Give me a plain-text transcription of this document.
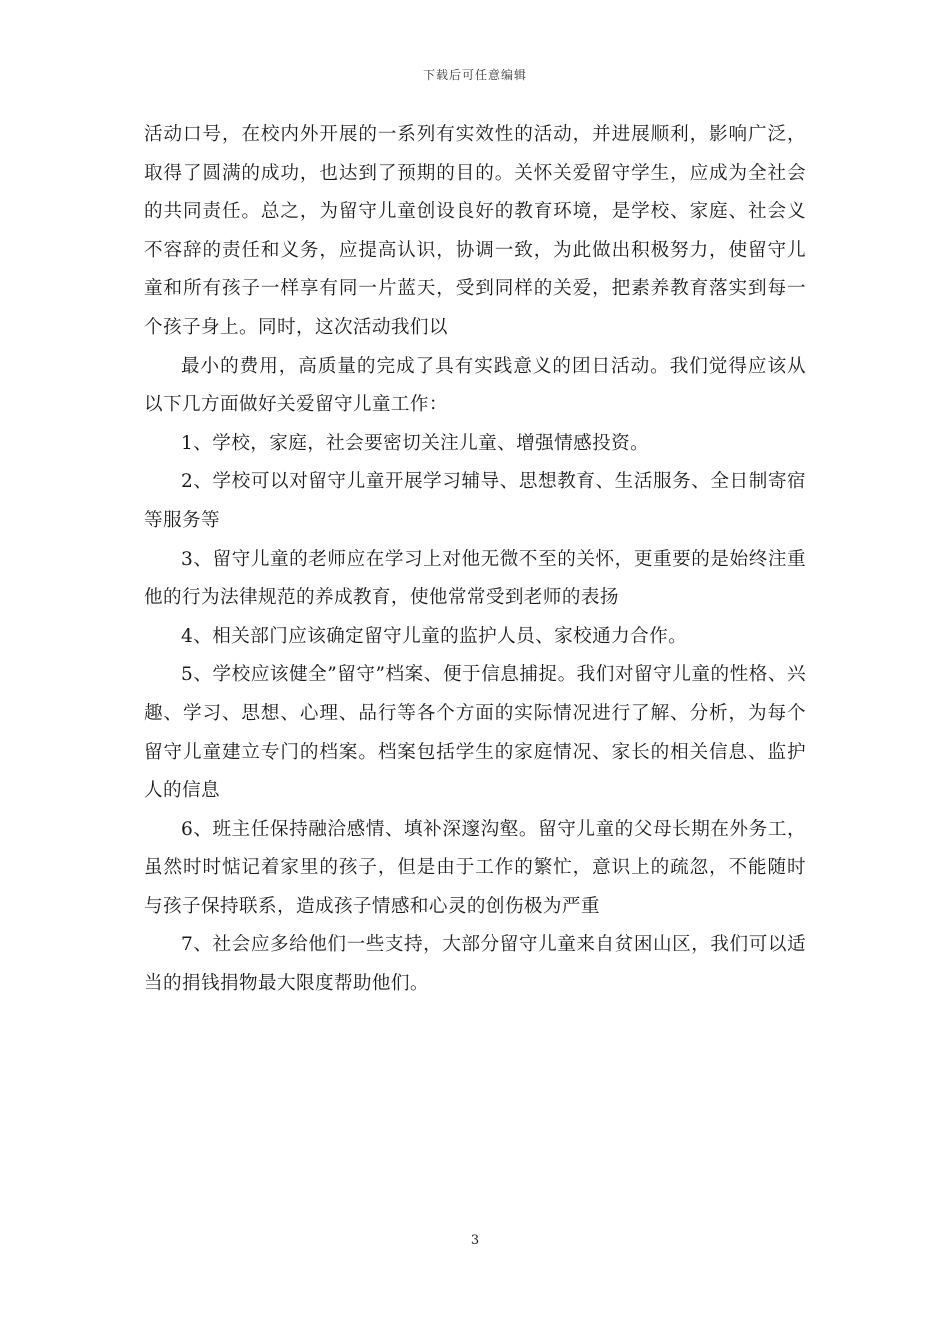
下载后可任意编辑

活动口号，在校内外开展的一系列有实效性的活动，并进展顺利，影响广泛，取得了圆满的成功，也达到了预期的目的。关怀关爱留守学生，应成为全社会的共同责任。总之，为留守儿童创设良好的教育环境，是学校、家庭、社会义不容辞的责任和义务，应提高认识，协调一致，为此做出积极努力，使留守儿童和所有孩子一样享有同一片蓝天，受到同样的关爱，把素养教育落实到每一个孩子身上。同时，这次活动我们以

最小的费用，高质量的完成了具有实践意义的团日活动。我们觉得应该从以下几方面做好关爱留守儿童工作：

1、学校，家庭，社会要密切关注儿童、增强情感投资。

2、学校可以对留守儿童开展学习辅导、思想教育、生活服务、全日制寄宿等服务等

3、留守儿童的老师应在学习上对他无微不至的关怀，更重要的是始终注重他的行为法律规范的养成教育，使他常常受到老师的表扬

4、相关部门应该确定留守儿童的监护人员、家校通力合作。

5、学校应该健全”留守”档案、便于信息捕捉。我们对留守儿童的性格、兴趣、学习、思想、心理、品行等各个方面的实际情况进行了解、分析，为每个留守儿童建立专门的档案。档案包括学生的家庭情况、家长的相关信息、监护人的信息

6、班主任保持融洽感情、填补深邃沟壑。留守儿童的父母长期在外务工，虽然时时惦记着家里的孩子，但是由于工作的繁忙，意识上的疏忽，不能随时与孩子保持联系，造成孩子情感和心灵的创伤极为严重

7、社会应多给他们一些支持，大部分留守儿童来自贫困山区，我们可以适当的捐钱捐物最大限度帮助他们。

3
